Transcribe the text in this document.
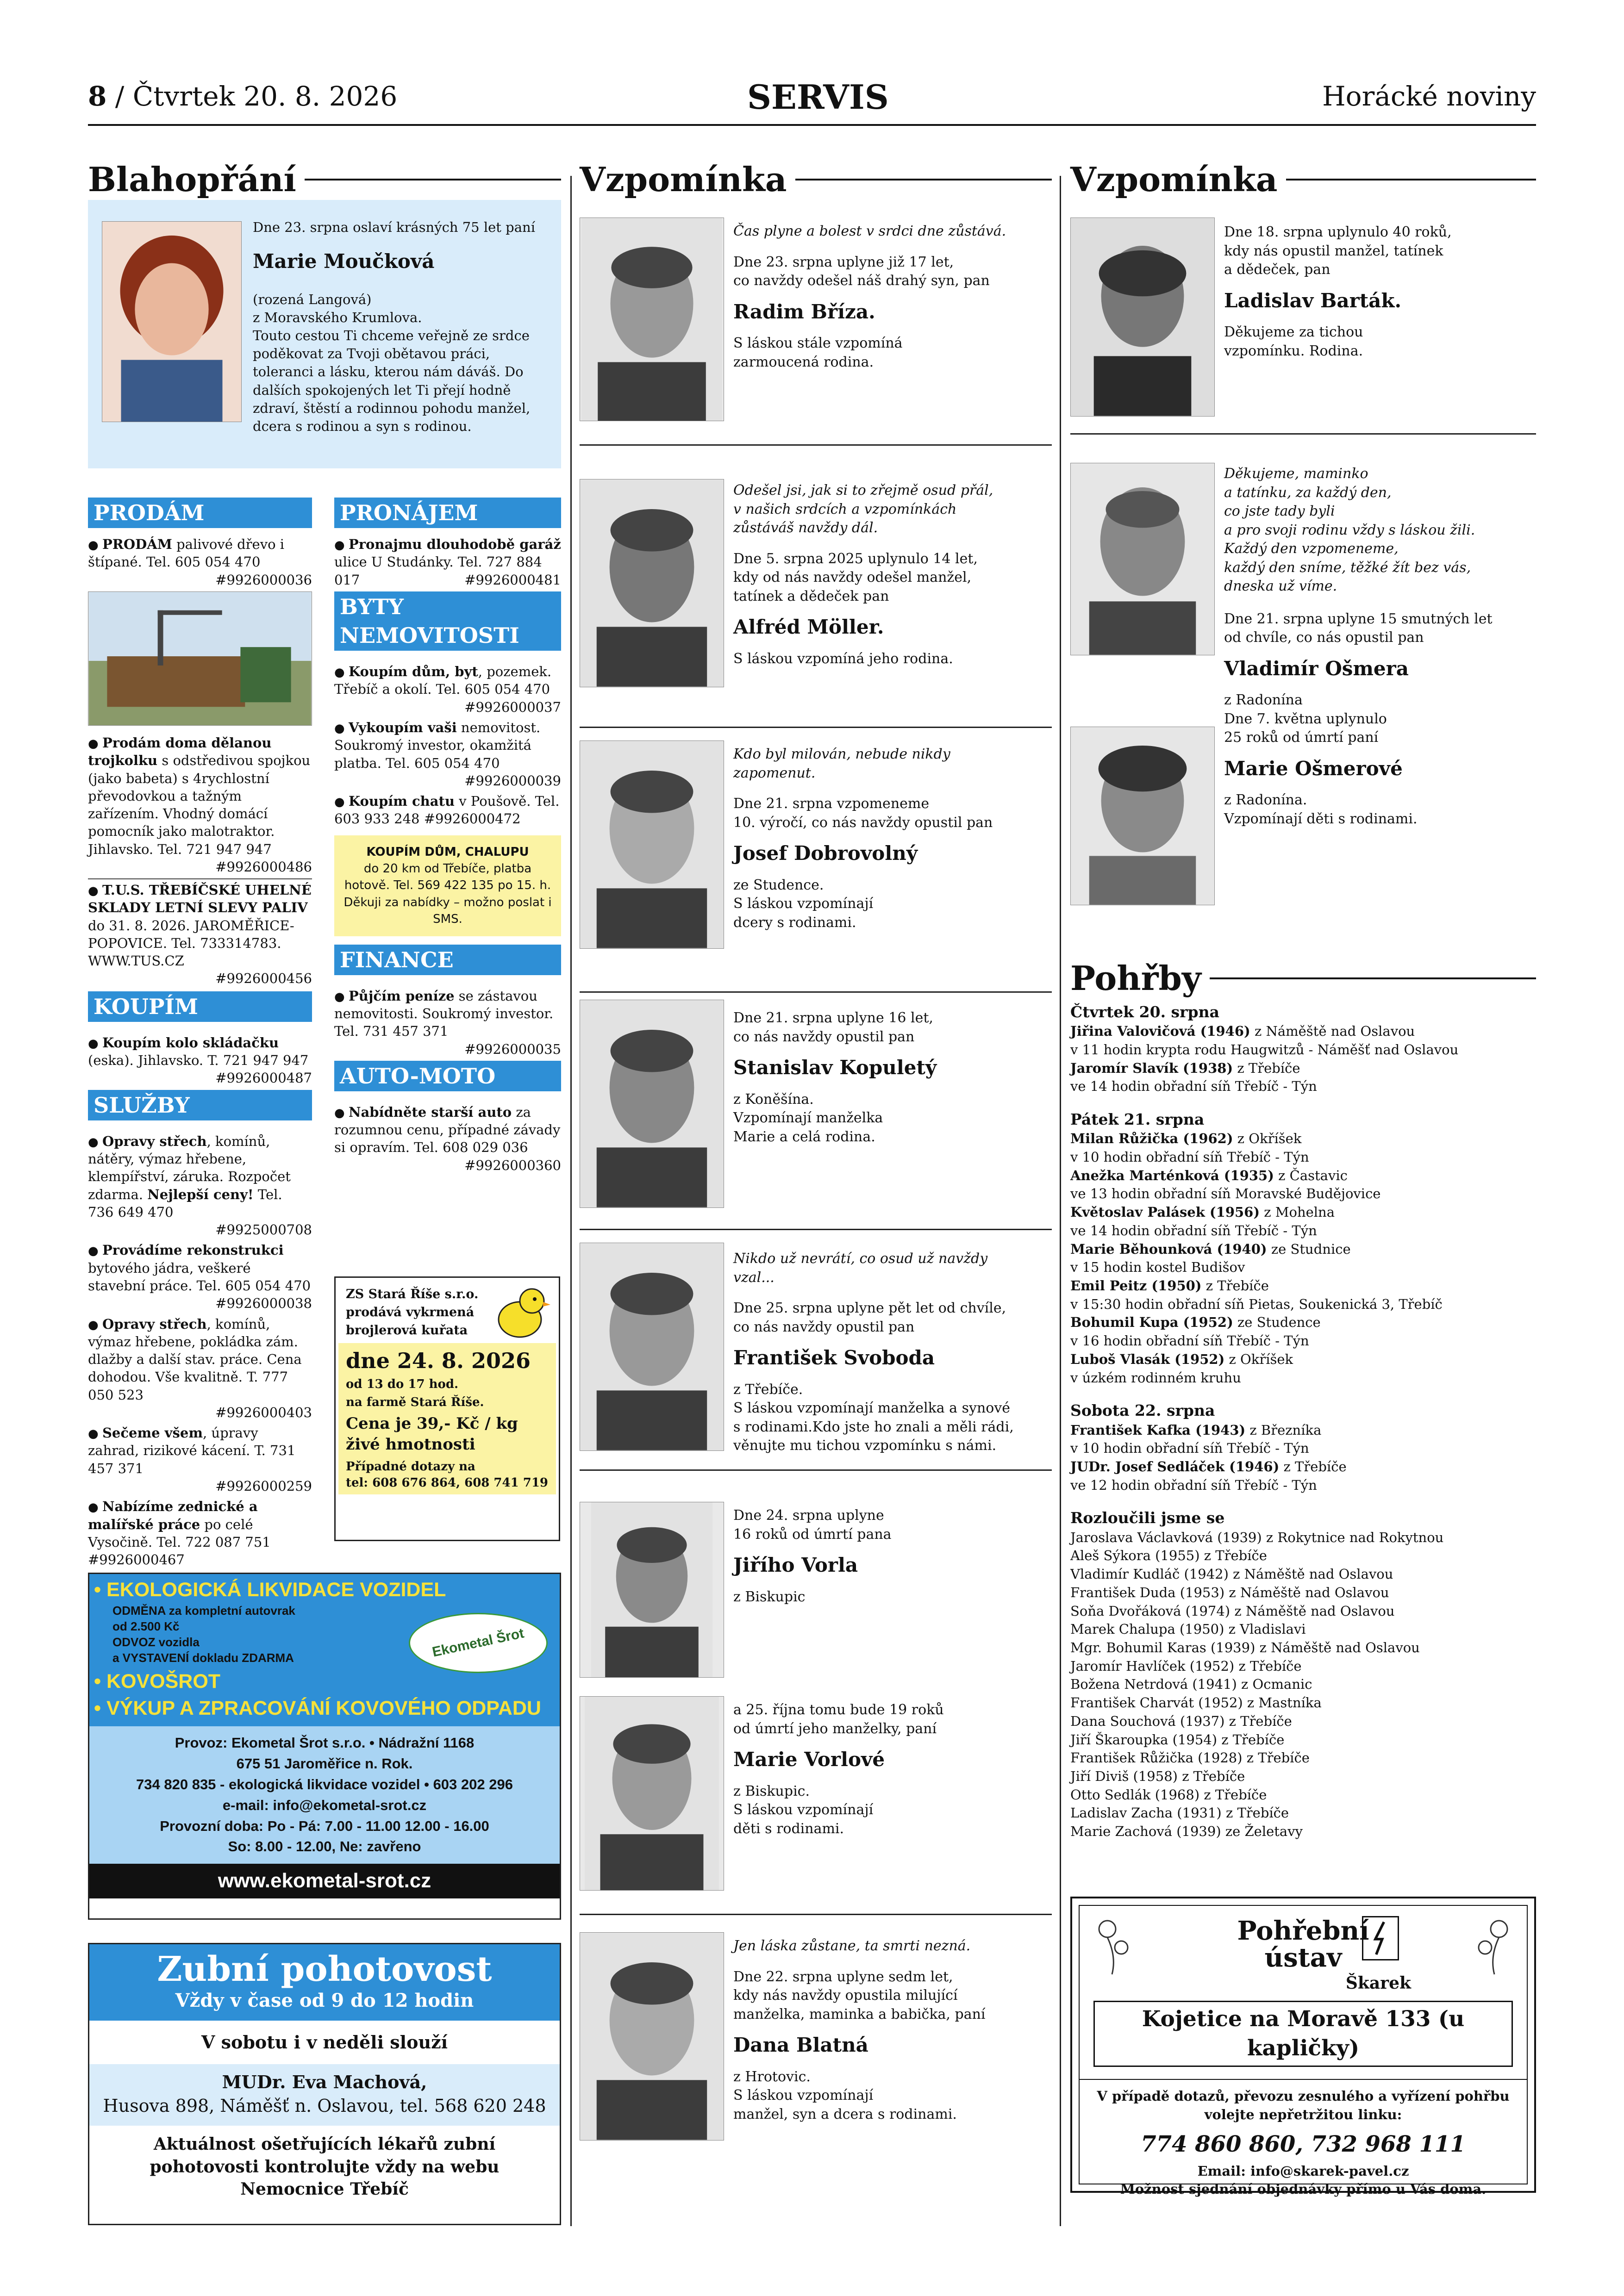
8 / Čtvrtek 20. 8. 2026	SERVIS	Horácké noviny
Blahopřání

Dne 23. srpna oslaví krásných 75 let paní

Marie Moučková

(rozená Langová)
z Moravského Krumlova.
Touto cestou Ti chceme veřejně ze srdce poděkovat za Tvoji obětavou práci, toleranci a lásku, kterou nám dáváš. Do dalších spokojených let Ti přejí hodně zdraví, štěstí a rodinnou pohodu manžel, dcera s rodinou a syn s rodinou.

PRODÁM
● PRODÁM palivové dřevo i štípané. Tel. 605 054 470
#9926000036
● Prodám doma dělanou trojkolku s odstředivou spojkou (jako babeta) s 4rychlostní převodovkou a tažným zařízením. Vhodný domácí pomocník jako malotraktor. Jihlavsko. Tel. 721 947 947
#9926000486
● T.U.S. TŘEBÍČSKÉ UHELNÉ SKLADY LETNÍ SLEVY PALIV do 31. 8. 2026. JAROMĚŘICE-POPOVICE. Tel. 733314783. WWW.TUS.CZ
#9926000456
KOUPÍM
● Koupím kolo skládačku (eska). Jihlavsko. T. 721 947 947
#9926000487
SLUŽBY
● Opravy střech, komínů, nátěry, výmaz hřebene, klempířství, záruka. Rozpočet zdarma. Nejlepší ceny! Tel. 736 649 470
#9925000708
● Provádíme rekonstrukci bytového jádra, veškeré stavební práce. Tel. 605 054 470
#9926000038
● Opravy střech, komínů, výmaz hřebene, pokládka zám. dlažby a další stav. práce. Cena dohodou. Vše kvalitně. T. 777 050 523
#9926000403
● Sečeme všem, úpravy zahrad, rizikové kácení. T. 731 457 371
#9926000259
● Nabízíme zednické a malířské práce po celé Vysočině. Tel. 722 087 751 #9926000467
PRONÁJEM
● Pronajmu dlouhodobě garáž ulice U Studánky. Tel. 727 884 017	#9926000481
BYTY NEMOVITOSTI
● Koupím dům, byt, pozemek. Třebíč a okolí. Tel. 605 054 470
#9926000037
● Vykoupím vaši nemovitost. Soukromý investor, okamžitá platba. Tel. 605 054 470
#9926000039
● Koupím chatu v Poušově. Tel. 603 933 248 #9926000472
KOUPÍM DŮM, CHALUPU
do 20 km od Třebíče, platba hotově. Tel. 569 422 135 po 15. h. Děkuji za nabídky – možno poslat i SMS.
FINANCE
● Půjčím peníze se zástavou nemovitosti. Soukromý investor. Tel. 731 457 371
#9926000035
AUTO-MOTO
● Nabídněte starší auto za rozumnou cenu, případné závady si opravím. Tel. 608 029 036
#9926000360
ZS Stará Říše s.r.o.
prodává vykrmená
brojlerová kuřata
dne 24. 8. 2026
od 13 do 17 hod.
na farmě Stará Říše.
Cena je 39,- Kč / kg
živé hmotnosti
Případné dotazy na
tel: 608 676 864, 608 741 719
• EKOLOGICKÁ LIKVIDACE VOZIDEL
ODMĚNA za kompletní autovrak
od 2.500 Kč
ODVOZ vozidla
a VYSTAVENÍ dokladu ZDARMA
• KOVOŠROT
• VÝKUP A ZPRACOVÁNÍ KOVOVÉHO ODPADU
Ekometal Šrot
Provoz: Ekometal Šrot s.r.o. • Nádražní 1168
675 51 Jaroměřice n. Rok.
734 820 835 - ekologická likvidace vozidel • 603 202 296
e-mail: info@ekometal-srot.cz
Provozní doba: Po - Pá: 7.00 - 11.00 12.00 - 16.00
So: 8.00 - 12.00, Ne: zavřeno
www.ekometal-srot.cz
Zubní pohotovost
Vždy v čase od 9 do 12 hodin
V sobotu i v neděli slouží
MUDr. Eva Machová,
Husova 898, Náměšť n. Oslavou, tel. 568 620 248
Aktuálnost ošetřujících lékařů zubní pohotovosti kontrolujte vždy na webu Nemocnice Třebíč
Vzpomínka

Čas plyne a bolest v srdci dne zůstává.

Dne 23. srpna uplyne již 17 let,
co navždy odešel náš drahý syn, pan

Radim Bříza.

S láskou stále vzpomíná
zarmoucená rodina.

Odešel jsi, jak si to zřejmě osud přál,
v našich srdcích a vzpomínkách
zůstáváš navždy dál.

Dne 5. srpna 2025 uplynulo 14 let,
kdy od nás navždy odešel manžel,
tatínek a dědeček pan

Alfréd Möller.

S láskou vzpomíná jeho rodina.

Kdo byl milován, nebude nikdy zapomenut.

Dne 21. srpna vzpomeneme
10. výročí, co nás navždy opustil pan

Josef Dobrovolný

ze Studence.
S láskou vzpomínají
dcery s rodinami.

Dne 21. srpna uplyne 16 let,
co nás navždy opustil pan

Stanislav Kopuletý

z Koněšína.
Vzpomínají manželka
Marie a celá rodina.

Nikdo už nevrátí, co osud už navždy vzal...

Dne 25. srpna uplyne pět let od chvíle,
co nás navždy opustil pan

František Svoboda

z Třebíče.
S láskou vzpomínají manželka a synové
s rodinami.Kdo jste ho znali a měli rádi,
věnujte mu tichou vzpomínku s námi.

Dne 24. srpna uplyne
16 roků od úmrtí pana

Jiřího Vorla

z Biskupic

a 25. října tomu bude 19 roků
od úmrtí jeho manželky, paní

Marie Vorlové

z Biskupic.
S láskou vzpomínají
děti s rodinami.

Jen láska zůstane, ta smrti nezná.

Dne 22. srpna uplyne sedm let,
kdy nás navždy opustila milující
manželka, maminka a babička, paní

Dana Blatná

z Hrotovic.
S láskou vzpomínají
manžel, syn a dcera s rodinami.

Vzpomínka

Dne 18. srpna uplynulo 40 roků,
kdy nás opustil manžel, tatínek
a dědeček, pan

Ladislav Barták.

Děkujeme za tichou
vzpomínku. Rodina.

Děkujeme, maminko
a tatínku, za každý den,
co jste tady byli
a pro svoji rodinu vždy s láskou žili.
Každý den vzpomeneme,
každý den sníme, těžké žít bez vás,
dneska už víme.

Dne 21. srpna uplyne 15 smutných let
od chvíle, co nás opustil pan

Vladimír Ošmera

z Radonína
Dne 7. května uplynulo
25 roků od úmrtí paní

Marie Ošmerové

z Radonína.
Vzpomínají děti s rodinami.

Pohřby
Čtvrtek 20. srpna
Jiřina Valovičová (1946) z Náměště nad Oslavou
v 11 hodin krypta rodu Haugwitzů - Náměšť nad Oslavou
Jaromír Slavík (1938) z Třebíče
ve 14 hodin obřadní síň Třebíč - Týn
Pátek 21. srpna
Milan Růžička (1962) z Okříšek
v 10 hodin obřadní síň Třebíč - Týn
Anežka Marténková (1935) z Častavic
ve 13 hodin obřadní síň Moravské Budějovice
Květoslav Palásek (1956) z Mohelna
ve 14 hodin obřadní síň Třebíč - Týn
Marie Běhounková (1940) ze Studnice
v 15 hodin kostel Budišov
Emil Peitz (1950) z Třebíče
v 15:30 hodin obřadní síň Pietas, Soukenická 3, Třebíč
Bohumil Kupa (1952) ze Studence
v 16 hodin obřadní síň Třebíč - Týn
Luboš Vlasák (1952) z Okříšek
v úzkém rodinném kruhu
Sobota 22. srpna
František Kafka (1943) z Březníka
v 10 hodin obřadní síň Třebíč - Týn
JUDr. Josef Sedláček (1946) z Třebíče
ve 12 hodin obřadní síň Třebíč - Týn
Rozloučili jsme se
Jaroslava Václavková (1939) z Rokytnice nad Rokytnou
Aleš Sýkora (1955) z Třebíče
Vladimír Kudláč (1942) z Náměště nad Oslavou
František Duda (1953) z Náměště nad Oslavou
Soňa Dvořáková (1974) z Náměště nad Oslavou
Marek Chalupa (1950) z Vladislavi
Mgr. Bohumil Karas (1939) z Náměště nad Oslavou
Jaromír Havlíček (1952) z Třebíče
Božena Netrdová (1941) z Ocmanic
František Charvát (1952) z Mastníka
Dana Souchová (1937) z Třebíče
Jiří Škaroupka (1954) z Třebíče
František Růžička (1928) z Třebíče
Jiří Diviš (1958) z Třebíče
Otto Sedlák (1968) z Třebíče
Ladislav Zacha (1931) z Třebíče
Marie Zachová (1939) ze Želetavy
Pohřební
ústav
Škarek
Kojetice na Moravě 133 (u kapličky)
V případě dotazů, převozu zesnulého a vyřízení pohřbu
volejte nepřetržitou linku:
774 860 860, 732 968 111
Email: info@skarek-pavel.cz
Možnost sjednání objednávky přímo u Vás doma.
